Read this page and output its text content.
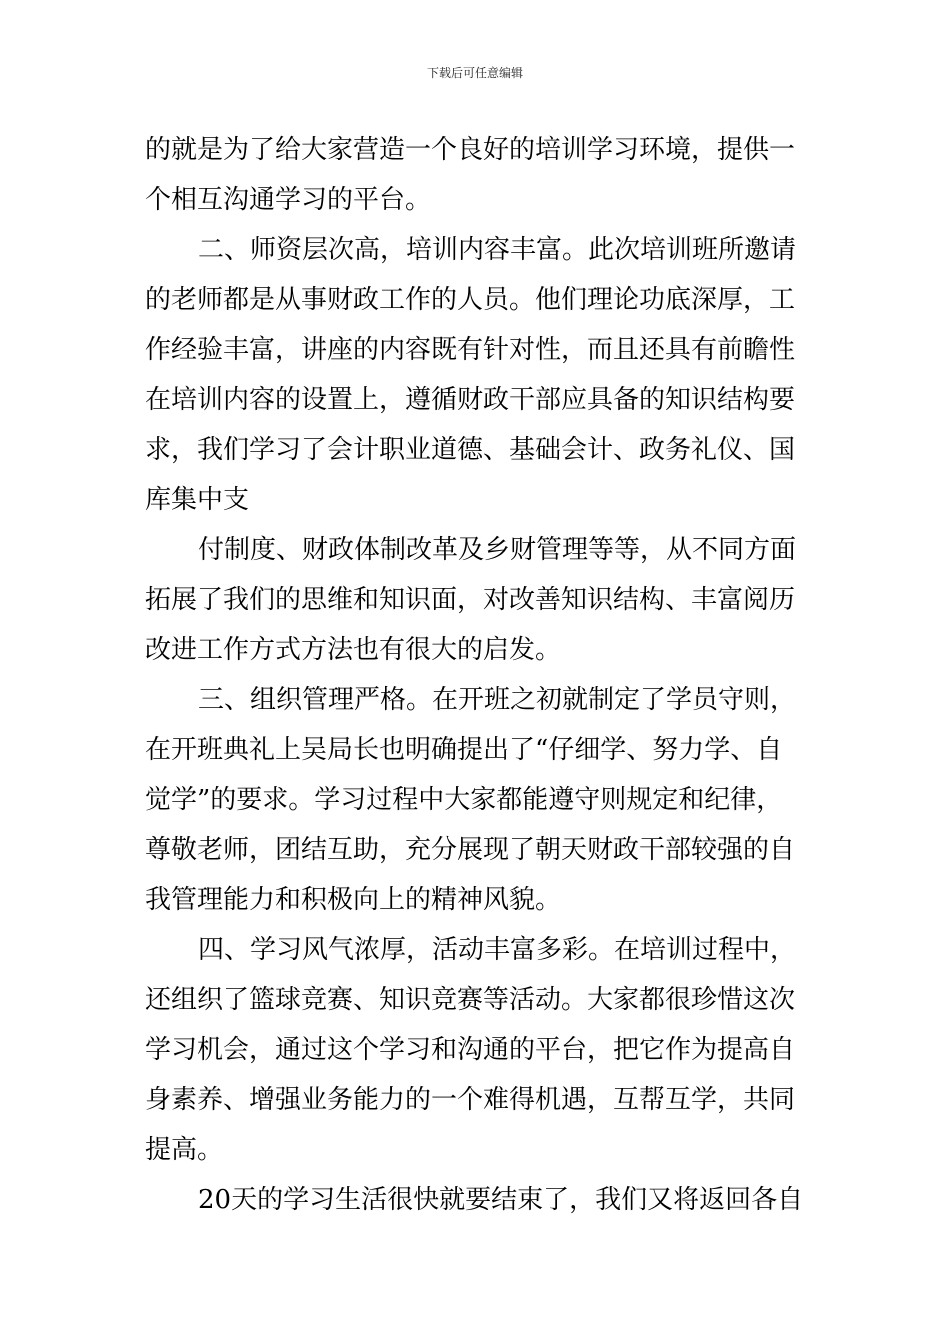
下载后可任意编辑
的就是为了给大家营造一个良好的培训学习环境，提供一
个相互沟通学习的平台。
二、师资层次高，培训内容丰富。此次培训班所邀请
的老师都是从事财政工作的人员。他们理论功底深厚，工
作经验丰富，讲座的内容既有针对性，而且还具有前瞻性
在培训内容的设置上，遵循财政干部应具备的知识结构要
求，我们学习了会计职业道德、基础会计、政务礼仪、国
库集中支
付制度、财政体制改革及乡财管理等等，从不同方面
拓展了我们的思维和知识面，对改善知识结构、丰富阅历
改进工作方式方法也有很大的启发。
三、组织管理严格。在开班之初就制定了学员守则，
在开班典礼上吴局长也明确提出了“仔细学、努力学、自
觉学”的要求。学习过程中大家都能遵守则规定和纪律，
尊敬老师，团结互助，充分展现了朝天财政干部较强的自
我管理能力和积极向上的精神风貌。
四、学习风气浓厚，活动丰富多彩。在培训过程中，
还组织了篮球竞赛、知识竞赛等活动。大家都很珍惜这次
学习机会，通过这个学习和沟通的平台，把它作为提高自
身素养、增强业务能力的一个难得机遇，互帮互学，共同
提高。
20天的学习生活很快就要结束了，我们又将返回各自
